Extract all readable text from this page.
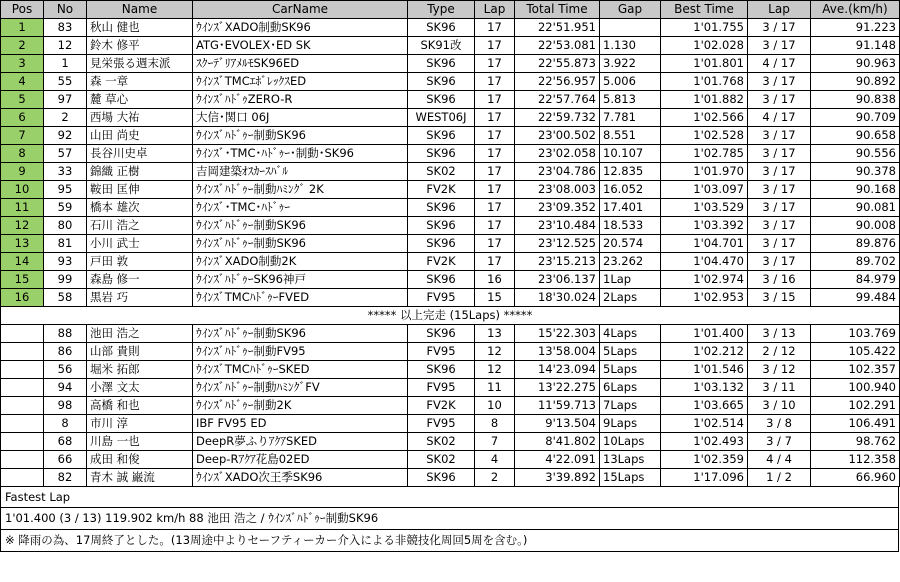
Pos	No	Name	CarName	Type	Lap	Total Time	Gap	Best Time	Lap	Ave.(km/h)
1	83	秋山 健也	ｳｲﾝｽﾞXADO制動SK96	SK96	17	22'51.951		1'01.755	3 / 17	91.223
2	12	鈴木 修平	ATG･EVOLEX･ED SK	SK91改	17	22'53.081	1.130	1'02.028	3 / 17	91.148
3	1	見栄張る週末派	ｽｸｰﾃﾞﾘｱﾒﾙﾓSK96ED	SK96	17	22'55.873	3.922	1'01.801	4 / 17	90.963
4	55	森 一章	ｳｲﾝｽﾞTMCｴﾎﾞﾚｯｸｽED	SK96	17	22'56.957	5.006	1'01.768	3 / 17	90.892
5	97	麓 草心	ｳｲﾝｽﾞﾊﾄﾞｩZERO-R	SK96	17	22'57.764	5.813	1'01.882	3 / 17	90.838
6	2	西場 大祐	大信･関口 06J	WEST06J	17	22'59.732	7.781	1'02.566	4 / 17	90.709
7	92	山田 尚史	ｳｲﾝｽﾞﾊﾄﾞｩｰ制動SK96	SK96	17	23'00.502	8.551	1'02.528	3 / 17	90.658
8	57	長谷川史卓	ｳｲﾝｽﾞ･TMC･ﾊﾄﾞｩｰ･制動･SK96	SK96	17	23'02.058	10.107	1'02.785	3 / 17	90.556
9	33	錦織 正樹	吉岡建築ｵｽｶｰｽﾊﾞﾙ	SK02	17	23'04.786	12.835	1'01.970	3 / 17	90.378
10	95	鞍田 匡伸	ｳｲﾝｽﾞﾊﾄﾞｩｰ制動ﾊﾐﾝｸﾞ 2K	FV2K	17	23'08.003	16.052	1'03.097	3 / 17	90.168
11	59	橋本 雄次	ｳｲﾝｽﾞ･TMC･ﾊﾄﾞｩｰ	SK96	17	23'09.352	17.401	1'03.529	3 / 17	90.081
12	80	石川 浩之	ｳｲﾝｽﾞﾊﾄﾞｩｰ制動SK96	SK96	17	23'10.484	18.533	1'03.392	3 / 17	90.008
13	81	小川 武士	ｳｲﾝｽﾞﾊﾄﾞｩｰ制動SK96	SK96	17	23'12.525	20.574	1'04.701	3 / 17	89.876
14	93	戸田 敦	ｳｲﾝｽﾞXADO制動2K	FV2K	17	23'15.213	23.262	1'04.470	3 / 17	89.702
15	99	森島 修一	ｳｲﾝｽﾞﾊﾄﾞｩｰSK96神戸	SK96	16	23'06.137	1Lap	1'02.974	3 / 16	84.979
16	58	黒岩 巧	ｳｲﾝｽﾞTMCﾊﾄﾞｩｰFVED	FV95	15	18'30.024	2Laps	1'02.953	3 / 15	99.484
***** 以上完走 (15Laps) *****										
	88	池田 浩之	ｳｲﾝｽﾞﾊﾄﾞｩｰ制動SK96	SK96	13	15'22.303	4Laps	1'01.400	3 / 13	103.769
	86	山部 貴則	ｳｲﾝｽﾞﾊﾄﾞｩｰ制動FV95	FV95	12	13'58.004	5Laps	1'02.212	2 / 12	105.422
	56	堀米 拓郎	ｳｲﾝｽﾞTMCﾊﾄﾞｩｰSKED	SK96	12	14'23.094	5Laps	1'01.546	3 / 12	102.357
	94	小澤 文太	ｳｲﾝｽﾞﾊﾄﾞｩｰ制動ﾊﾐﾝｸﾞFV	FV95	11	13'22.275	6Laps	1'03.132	3 / 11	100.940
	98	高橋 和也	ｳｲﾝｽﾞﾊﾄﾞｩｰ制動2K	FV2K	10	11'59.713	7Laps	1'03.665	3 / 10	102.291
	8	市川 淳	IBF FV95 ED	FV95	8	9'13.504	9Laps	1'02.514	3 / 8	106.491
	68	川島 一也	DeepR夢ふりｱｸｱSKED	SK02	7	8'41.802	10Laps	1'02.493	3 / 7	98.762
	66	成田 和俊	Deep-Rｱｸｱ花島02ED	SK02	4	4'22.091	13Laps	1'02.359	4 / 4	112.358
	82	青木 誠 巌流	ｳｲﾝｽﾞXADO次王季SK96	SK96	2	3'39.892	15Laps	1'17.096	1 / 2	66.960
Fastest Lap
1'01.400 (3 / 13) 119.902 km/h 88 池田 浩之 / ｳｲﾝｽﾞﾊﾄﾞｩｰ制動SK96
※ 降雨の為、17周終了とした。(13周途中よりセーフティーカー介入による非競技化周回5周を含む。)
